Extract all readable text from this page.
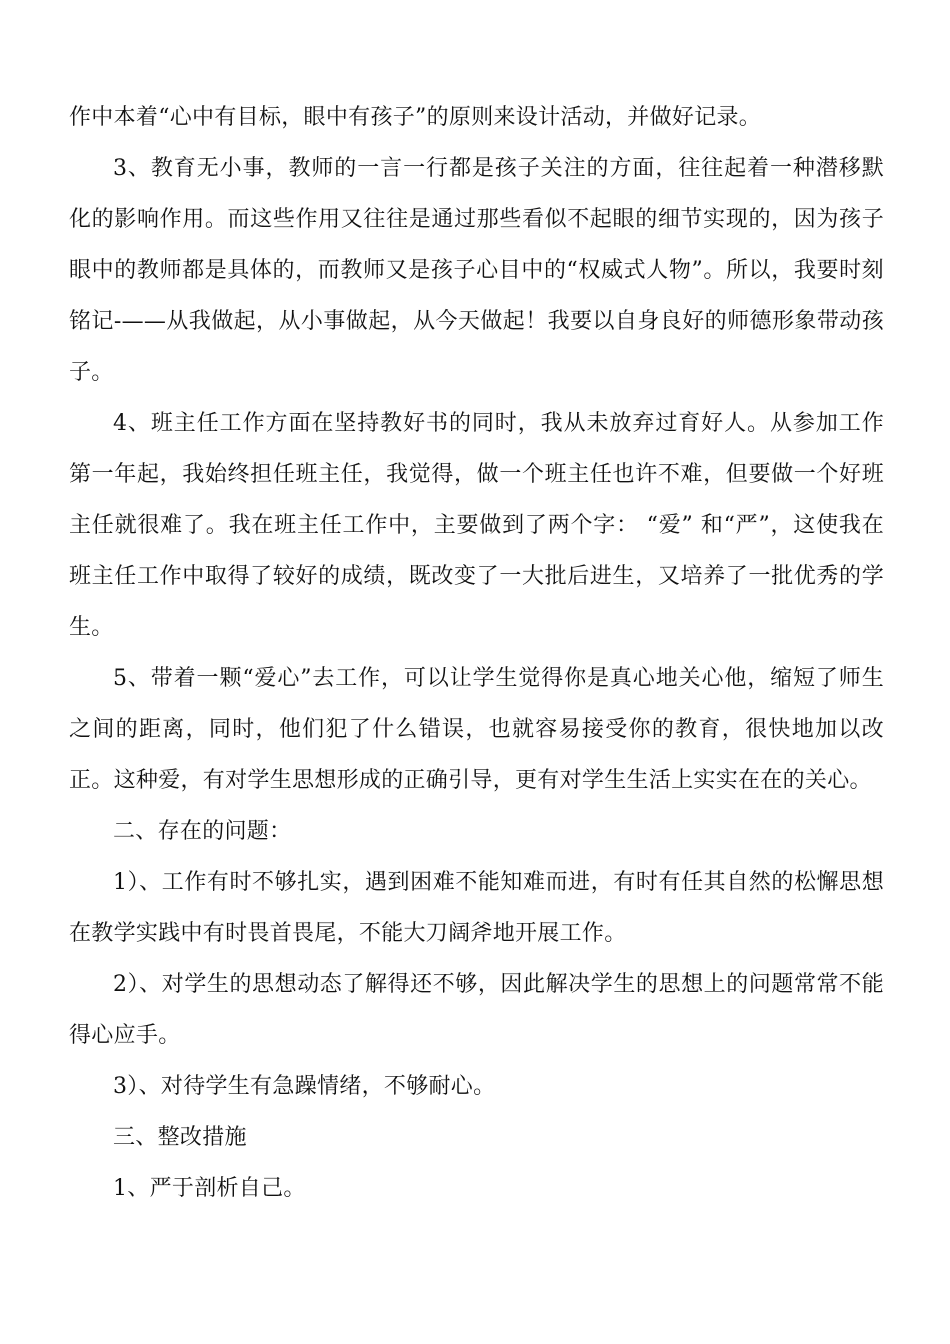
作中本着“心中有目标，眼中有孩子”的原则来设计活动，并做好记录。

3、教育无小事，教师的一言一行都是孩子关注的方面，往往起着一种潜移默化的影响作用。而这些作用又往往是通过那些看似不起眼的细节实现的，因为孩子眼中的教师都是具体的，而教师又是孩子心目中的“权威式人物”。所以，我要时刻铭记-——从我做起，从小事做起，从今天做起！我要以自身良好的师德形象带动孩子。

4、班主任工作方面在坚持教好书的同时，我从未放弃过育好人。从参加工作第一年起，我始终担任班主任，我觉得，做一个班主任也许不难，但要做一个好班主任就很难了。我在班主任工作中，主要做到了两个字： “爱” 和“严”，这使我在班主任工作中取得了较好的成绩，既改变了一大批后进生，又培养了一批优秀的学生。

5、带着一颗“爱心”去工作，可以让学生觉得你是真心地关心他，缩短了师生之间的距离，同时，他们犯了什么错误，也就容易接受你的教育，很快地加以改正。这种爱，有对学生思想形成的正确引导，更有对学生生活上实实在在的关心。

二、存在的问题：

1）、工作有时不够扎实，遇到困难不能知难而进，有时有任其自然的松懈思想在教学实践中有时畏首畏尾，不能大刀阔斧地开展工作。

2）、对学生的思想动态了解得还不够，因此解决学生的思想上的问题常常不能得心应手。

3）、对待学生有急躁情绪，不够耐心。

三、整改措施

1、严于剖析自己。
